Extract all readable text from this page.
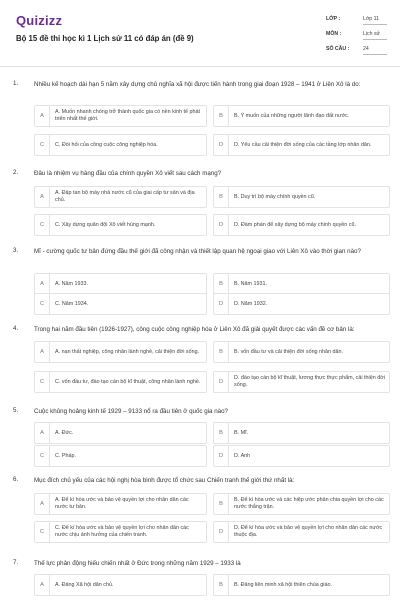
Quizizz
Bộ 15 đề thi học kì 1 Lịch sử 11 có đáp án (đề 9)
LỚP :	Lớp 11
MÔN :	Lịch sử
SỐ CÂU :	24
1.	Nhiều kế hoạch dài hạn 5 năm xây dựng chủ nghĩa xã hội được tiến hành trong giai đoạn 1928 – 1941 ở Liên Xô là do:
A
A. Muốn nhanh chóng trở thành quốc gia có nền kinh tế phát triển nhất thế giới.	B	B. Ý muốn của những người lãnh đạo đất nước.
C	C. Đòi hỏi của công cuộc công nghiệp hóa.	D	D. Yêu cầu cải thiện đời sống của các tầng lớp nhân dân.
2.	Đâu là nhiệm vụ hàng đầu của chính quyền Xô viết sau cách mạng?
A
A. Đập tan bộ máy nhà nước cũ của giai cấp tư sản và địa chủ.	B	B. Duy trì bộ máy chính quyền cũ.
C	C. Xây dựng quân đội Xô viết hùng mạnh.	D	D. Đàm phán để xây dựng bộ máy chính quyền cũ.
3.	Mĩ - cường quốc tư bản đứng đầu thế giới đã công nhận và thiết lập quan hệ ngoại giao với Liên Xô vào thời gian nào?
A	A. Năm 1933.	B	B. Năm 1931.
C	C. Năm 1934.	D	D. Năm 1932.
4.	Trong hai năm đầu tiên (1926-1927), công cuộc công nghiệp hóa ở Liên Xô đã giải quyết được các vấn đề cơ bản là:
A	A. nạn thất nghiệp, công nhân lành nghề, cải thiện đời sống.	B	B. vốn đầu tư và cải thiện đời sống nhân dân.
C	C. vốn đầu tư, đào tạo cán bộ kĩ thuật, công nhân lành nghề.	D
D. đào tạo cán bộ kĩ thuật, lương thực thực phẩm, cải thiện đời sống.
5.	Cuộc khủng hoảng kinh tế 1929 – 9133 nổ ra đầu tiên ở quốc gia nào?
A	A. Đức.	B	B. Mĩ.
C	C. Pháp.	D	D. Anh
6.	Mục đích chủ yếu của các hội nghị hòa bình được tổ chức sau Chiến tranh thế giới thứ nhất là:
A
A. Để kí hòa ước và bảo vệ quyền lợi cho nhân dân các nước tư bản.	B
B. Để kí hòa ước và các hiệp ước phân chia quyền lợi cho các nước thắng trận.
C
C. Để kí hòa ước và bảo vệ quyền lợi cho nhân dân các nước chịu ảnh hưởng của chiến tranh.	D
D. Để kí hòa ước và bảo vệ quyền lợi cho nhân dân các nước thuộc địa.
7.	Thế lực phản động hiếu chiến nhất ở Đức trong những năm 1929 – 1933 là
A	A. Đảng Xã hội dân chủ.	B	B. Đảng liên minh xã hội thiên chúa giáo.
